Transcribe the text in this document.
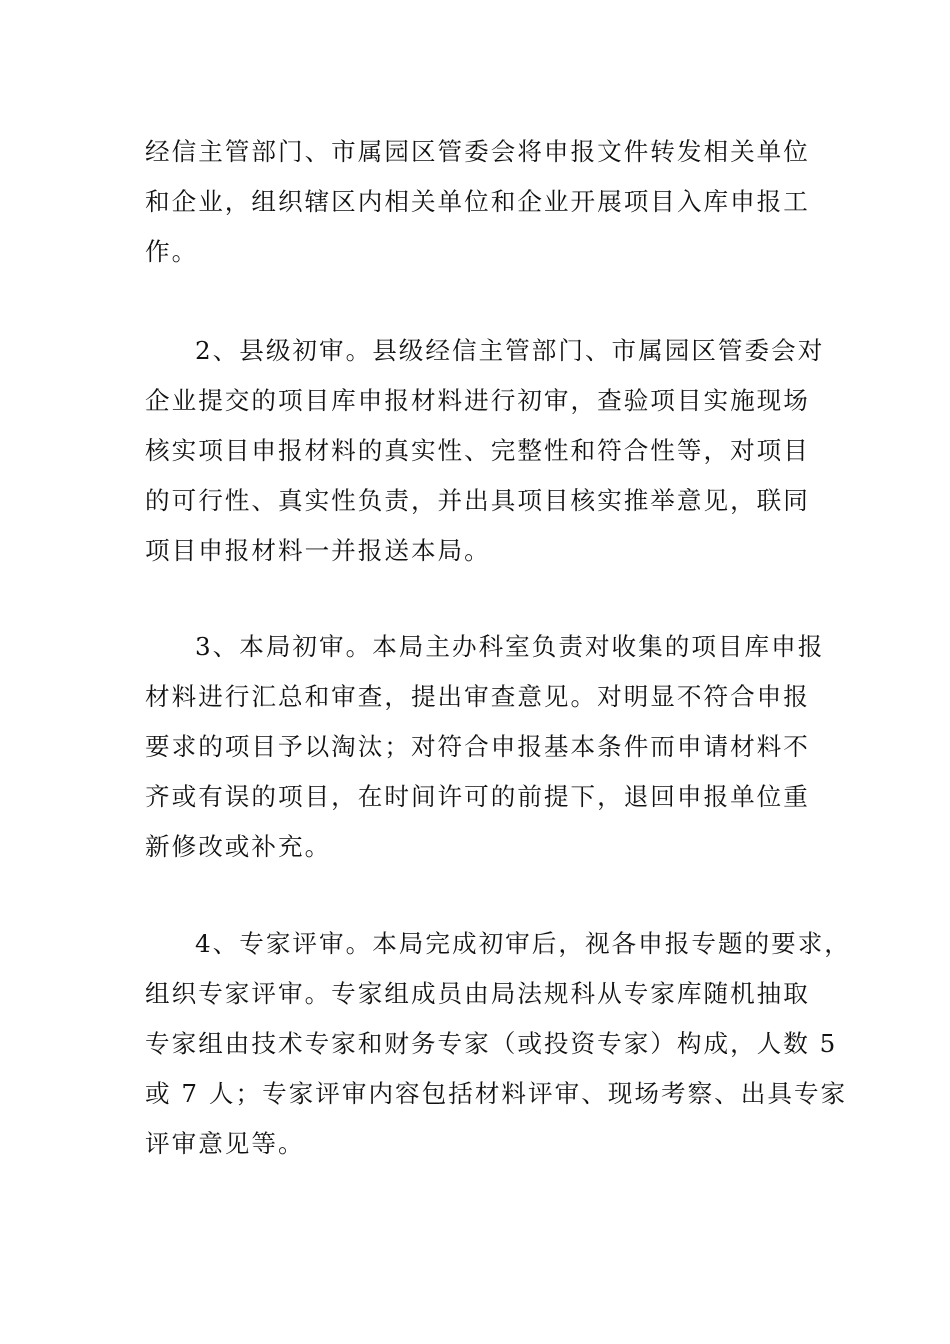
经信主管部门、市属园区管委会将申报文件转发相关单位
和企业，组织辖区内相关单位和企业开展项目入库申报工
作。

2、县级初审。县级经信主管部门、市属园区管委会对
企业提交的项目库申报材料进行初审，查验项目实施现场
核实项目申报材料的真实性、完整性和符合性等，对项目
的可行性、真实性负责，并出具项目核实推举意见，联同
项目申报材料一并报送本局。

3、本局初审。本局主办科室负责对收集的项目库申报
材料进行汇总和审查，提出审查意见。对明显不符合申报
要求的项目予以淘汰；对符合申报基本条件而申请材料不
齐或有误的项目，在时间许可的前提下，退回申报单位重
新修改或补充。

4、专家评审。本局完成初审后，视各申报专题的要求，
组织专家评审。专家组成员由局法规科从专家库随机抽取
专家组由技术专家和财务专家（或投资专家）构成，人数 5
或 7 人；专家评审内容包括材料评审、现场考察、出具专家
评审意见等。
